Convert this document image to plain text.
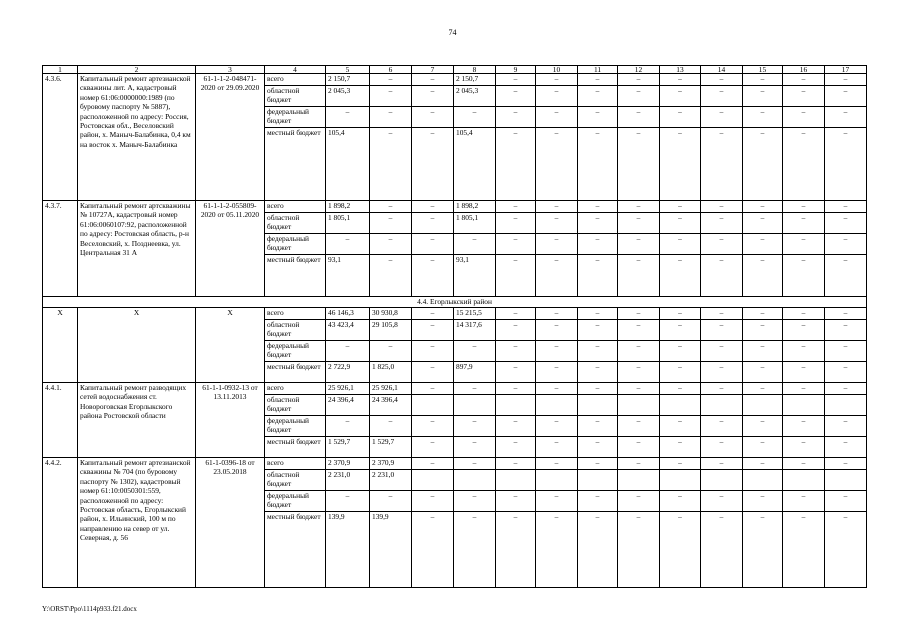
74
1	2	3	4	5	6	7	8	9	10	11	12	13	14	15	16	17
4.3.6.	Капитальный ремонт артезианской скважины лит. А, кадастровый номер 61:06:0000000:1989 (по буровому паспорту № 5887), расположенной по адресу: Россия, Ростовская обл., Веселовский район, х. Маныч-Балабинка, 0,4 км на восток х. Маныч-Балабинка	61-1-1-2-048471-2020 от 29.09.2020	всего	2 150,7	–	–	2 150,7	–	–	–	–	–	–	–	–	–
			областной бюджет	2 045,3	–	–	2 045,3	–	–	–	–	–	–	–	–	–
			федеральный бюджет	–	–	–	–	–	–	–	–	–	–	–	–	–
			местный бюджет	105,4	–	–	105,4	–	–	–	–	–	–	–	–	–
4.3.7.	Капитальный ремонт артскважины № 10727А, кадастровый номер 61:06:0060107:92, расположенной по адресу: Ростовская область, р-н Веселовский, х. Позднеевка, ул. Центральная 31 А	61-1-1-2-055809-2020 от 05.11.2020	всего	1 898,2	–	–	1 898,2	–	–	–	–	–	–	–	–	–
			областной бюджет	1 805,1	–	–	1 805,1	–	–	–	–	–	–	–	–	–
			федеральный бюджет	–	–	–	–	–	–	–	–	–	–	–	–	–
			местный бюджет	93,1	–	–	93,1	–	–	–	–	–	–	–	–	–
4.4. Егорлыкский район																
Х	Х	Х	всего	46 146,3	30 930,8	–	15 215,5	–	–	–	–	–	–	–	–	–
			областной бюджет	43 423,4	29 105,8	–	14 317,6	–	–	–	–	–	–	–	–	–
			федеральный бюджет	–	–	–	–	–	–	–	–	–	–	–	–	–
			местный бюджет	2 722,9	1 825,0	–	897,9	–	–	–	–	–	–	–	–	–
4.4.1.	Капитальный ремонт разводящих сетей водоснабжения ст. Новороговская Егорлыкского района Ростовской области	61-1-1-0932-13 от 13.11.2013	всего	25 926,1	25 926,1	–	–	–	–	–	–	–	–	–	–	–
			областной бюджет	24 396,4	24 396,4											
			федеральный бюджет	–	–	–	–	–	–	–	–	–	–	–	–	–
			местный бюджет	1 529,7	1 529,7	–	–	–	–	–	–	–	–	–	–	–
4.4.2.	Капитальный ремонт артезианской скважины № 704 (по буровому паспорту № 1302), кадастровый номер 61:10:0050301:559, расположенной по адресу: Ростовская область, Егорлыкский район, х. Ильинский, 100 м по направлению на север от ул. Северная, д. 56	61-1-0396-18 от 23.05.2018	всего	2 370,9	2 370,9	–	–	–	–	–	–	–	–	–	–	–
			областной бюджет	2 231,0	2 231,0											
			федеральный бюджет	–	–	–	–	–	–	–	–	–	–	–	–	–
			местный бюджет	139,9	139,9	–	–	–	–	–	–	–	–	–	–	–
Y:\ORST\Ppo\1114p933.f21.docx
